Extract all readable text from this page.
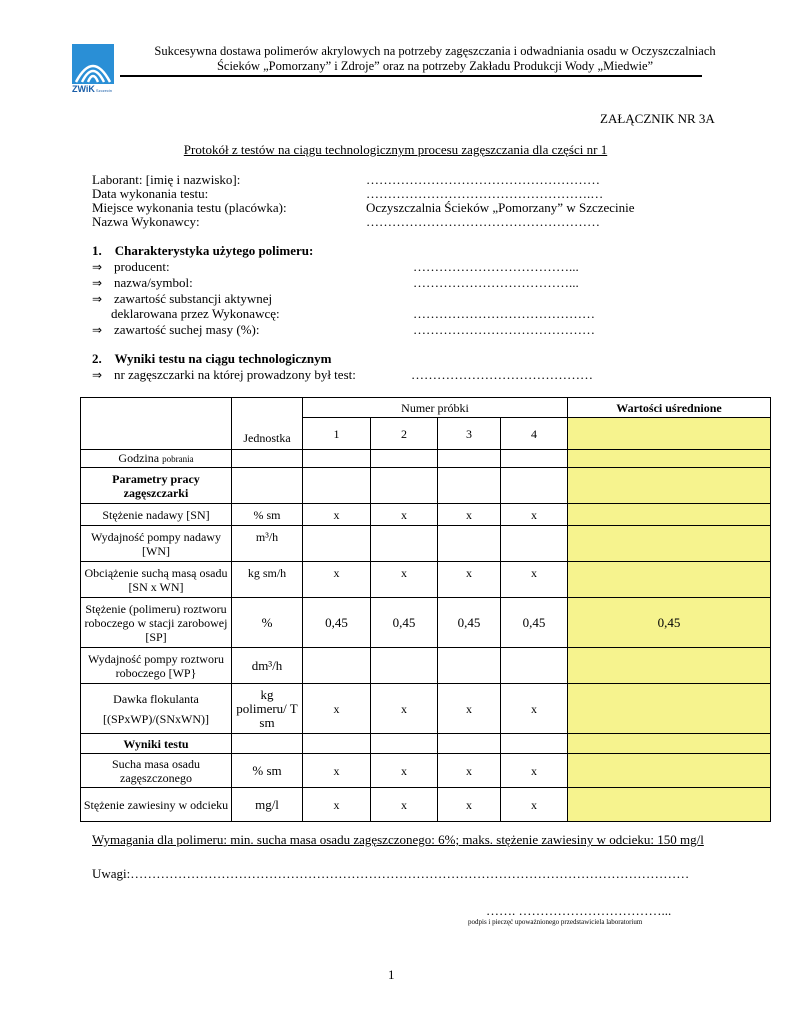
ZWiKSzczecin
Sukcesywna dostawa polimerów akrylowych na potrzeby zagęszczania i odwadniania osadu w Oczyszczalniach
Ścieków „Pomorzany” i Zdroje” oraz na potrzeby Zakładu Produkcji Wody „Miedwie”
ZAŁĄCZNIK NR 3A
Protokół z testów na ciągu technologicznym procesu zagęszczania dla części nr 1
Laborant: [imię i nazwisko]:	………………………………………………
Data wykonania testu:	…………………………………………….…
Miejsce wykonania testu (placówka):	Oczyszczalnia Ścieków „Pomorzany” w Szczecinie
Nazwa Wykonawcy:	………………………………………………
1.    Charakterystyka użytego polimeru:
⇒ producent:	………………………………...
⇒ nazwa/symbol:	………………………………...
⇒ zawartość substancji aktywnej
deklarowana przez Wykonawcę:	……………………………………
⇒ zawartość suchej masy (%):	……………………………………
2.    Wyniki testu na ciągu technologicznym
⇒ nr zagęszczarki na której prowadzony był test:	……………………………………
	Jednostka	Numer próbki				Wartości uśrednione
		1	2	3	4	
Godzina pobrania						
Parametry pracy zagęszczarki						
Stężenie nadawy [SN]	% sm	x	x	x	x	
Wydajność pompy nadawy [WN]	m³/h					
Obciążenie suchą masą osadu [SN x WN]	kg sm/h	x	x	x	x	
Stężenie (polimeru) roztworu roboczego w stacji zarobowej [SP]	%	0,45	0,45	0,45	0,45	0,45
Wydajność pompy roztworu roboczego [WP}	dm³/h					

Dawka flokulanta
[(SPxWP)/(SNxWN)]	kg polimeru/ T sm	x	x	x	x	
Wyniki testu						
Sucha masa osadu zagęszczonego	% sm	x	x	x	x	
Stężenie zawiesiny w odcieku	mg/l	x	x	x	x	
Wymagania dla polimeru: min. sucha masa osadu zagęszczonego: 6%; maks. stężenie zawiesiny w odcieku: 150 mg/l
Uwagi:…………………………………………………………………………………………………………………
……. ……………………………...
podpis i pieczęć upoważnionego przedstawiciela laboratorium
1
